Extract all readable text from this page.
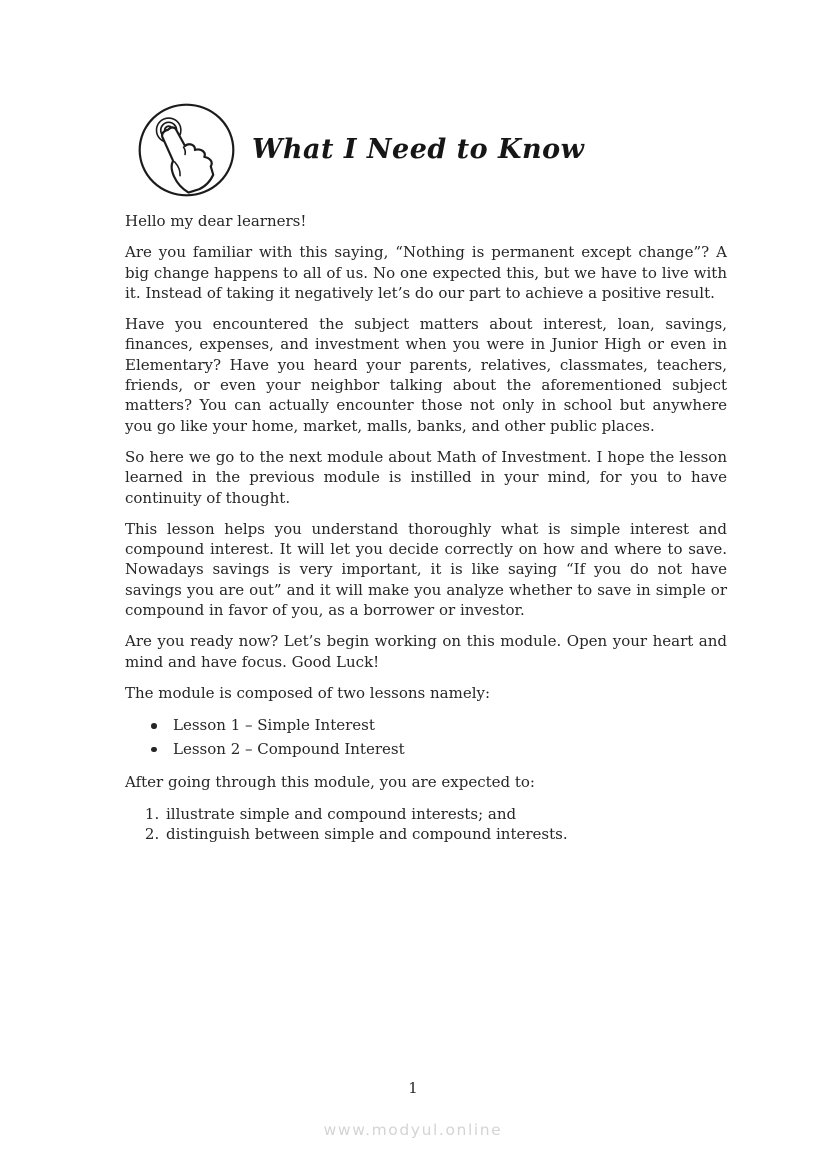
What I Need to Know

Hello my dear learners!

Are you familiar with this saying, “Nothing is permanent except change”? A big change happens to all of us. No one expected this, but we have to live with it. Instead of taking it negatively let’s do our part to achieve a positive result.

Have you encountered the subject matters about interest, loan, savings, finances, expenses, and investment when you were in Junior High or even in Elementary? Have you heard your parents, relatives, classmates, teachers, friends, or even your neighbor talking about the aforementioned subject matters? You can actually encounter those not only in school but anywhere you go like your home, market, malls, banks, and other public places.

So here we go to the next module about Math of Investment. I hope the lesson learned in the previous module is instilled in your mind, for you to have continuity of thought.

This lesson helps you understand thoroughly what is simple interest and compound interest. It will let you decide correctly on how and where to save. Nowadays savings is very important, it is like saying “If you do not have savings you are out” and it will make you analyze whether to save in simple or compound in favor of you, as a borrower or investor.

Are you ready now? Let’s begin working on this module. Open your heart and mind and have focus. Good Luck!

The module is composed of two lessons namely:

Lesson 1 – Simple Interest
Lesson 2 – Compound Interest

After going through this module, you are expected to:

1. illustrate simple and compound interests; and
2. distinguish between simple and compound interests.
1
www.modyul.online
